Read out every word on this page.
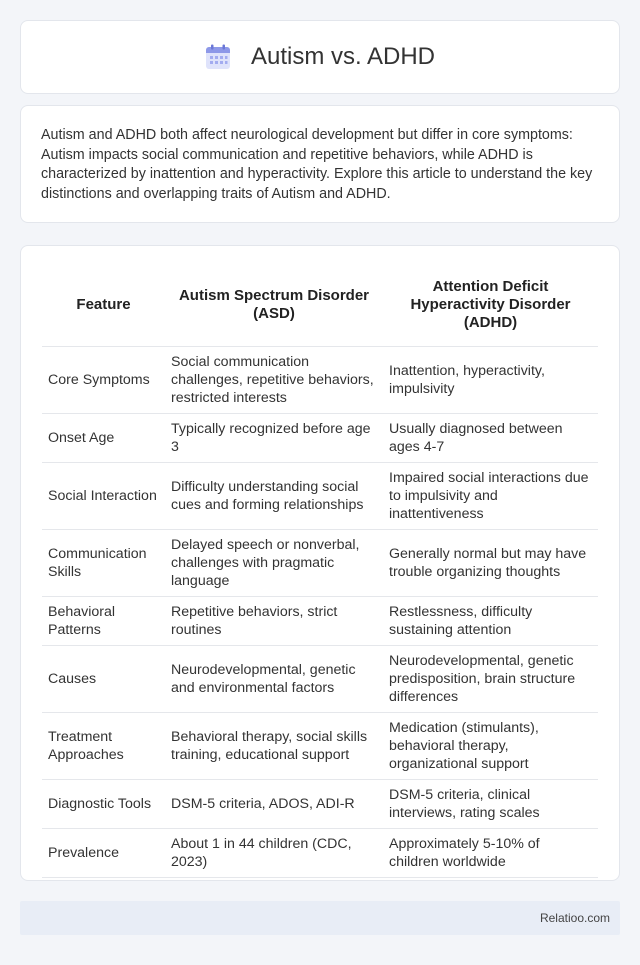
Autism vs. ADHD

Autism and ADHD both affect neurological development but differ in core symptoms: Autism impacts social communication and repetitive behaviors, while ADHD is characterized by inattention and hyperactivity. Explore this article to understand the key distinctions and overlapping traits of Autism and ADHD.

Feature	Autism Spectrum Disorder (ASD)	Attention Deficit Hyperactivity Disorder (ADHD)
Core Symptoms	Social communication challenges, repetitive behaviors, restricted interests	Inattention, hyperactivity, impulsivity
Onset Age	Typically recognized before age 3	Usually diagnosed between ages 4-7
Social Interaction	Difficulty understanding social cues and forming relationships	Impaired social interactions due to impulsivity and inattentiveness
Communication Skills	Delayed speech or nonverbal, challenges with pragmatic language	Generally normal but may have trouble organizing thoughts
Behavioral Patterns	Repetitive behaviors, strict routines	Restlessness, difficulty sustaining attention
Causes	Neurodevelopmental, genetic and environmental factors	Neurodevelopmental, genetic predisposition, brain structure differences
Treatment Approaches	Behavioral therapy, social skills training, educational support	Medication (stimulants), behavioral therapy, organizational support
Diagnostic Tools	DSM-5 criteria, ADOS, ADI-R	DSM-5 criteria, clinical interviews, rating scales
Prevalence	About 1 in 44 children (CDC, 2023)	Approximately 5-10% of children worldwide
Relatioo.com
